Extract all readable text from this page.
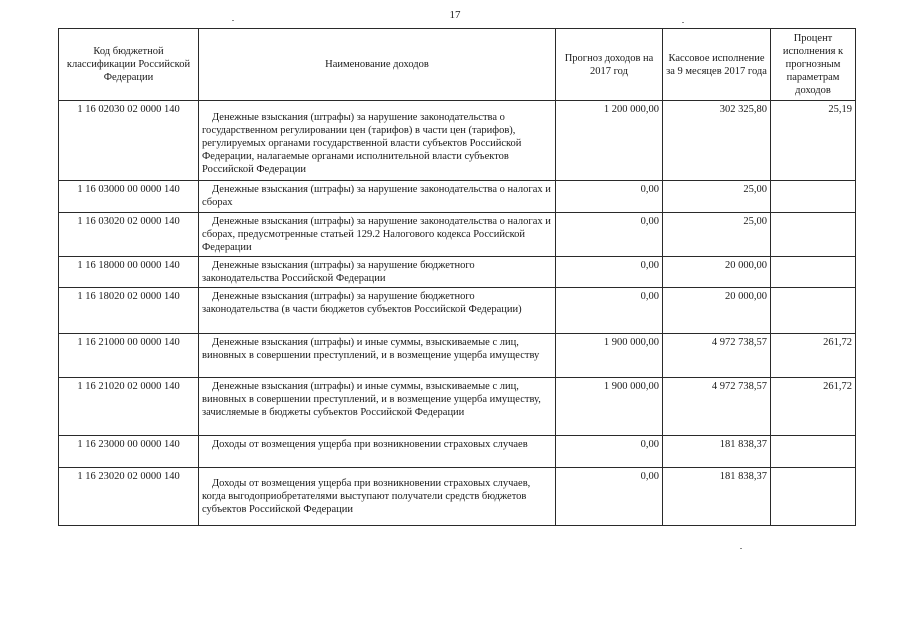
17
Код бюджетной классификации Российской Федерации	Наименование доходов	Прогноз доходов на 2017 год	Кассовое исполнение за 9 месяцев 2017 года	Процент исполнения к прогнозным параметрам доходов
1 16 02030 02 0000 140	Денежные взыскания (штрафы) за нарушение законодательства о государственном регулировании цен (тарифов) в части цен (тарифов), регулируемых органами государственной власти субъектов Российской Федерации, налагаемые органами исполнительной власти субъектов Российской Федерации	1 200 000,00	302 325,80	25,19
1 16 03000 00 0000 140	Денежные взыскания (штрафы) за нарушение законодательства о налогах и сборах	0,00	25,00	
1 16 03020 02 0000 140	Денежные взыскания (штрафы) за нарушение законодательства о налогах и сборах, предусмотренные статьей 129.2 Налогового кодекса Российской Федерации	0,00	25,00	
1 16 18000 00 0000 140	Денежные взыскания (штрафы) за нарушение бюджетного законодательства Российской Федерации	0,00	20 000,00	
1 16 18020 02 0000 140	Денежные взыскания (штрафы) за нарушение бюджетного законодательства (в части бюджетов субъектов Российской Федерации)	0,00	20 000,00	
1 16 21000 00 0000 140	Денежные взыскания (штрафы) и иные суммы, взыскиваемые с лиц, виновных в совершении преступлений, и в возмещение ущерба имуществу	1 900 000,00	4 972 738,57	261,72
1 16 21020 02 0000 140	Денежные взыскания (штрафы) и иные суммы, взыскиваемые с лиц, виновных в совершении преступлений, и в возмещение ущерба имуществу, зачисляемые в бюджеты субъектов Российской Федерации	1 900 000,00	4 972 738,57	261,72
1 16 23000 00 0000 140	Доходы от возмещения ущерба при возникновении страховых случаев	0,00	181 838,37	
1 16 23020 02 0000 140	Доходы от возмещения ущерба при возникновении страховых случаев, когда выгодоприобретателями выступают получатели средств бюджетов субъектов Российской Федерации	0,00	181 838,37	
